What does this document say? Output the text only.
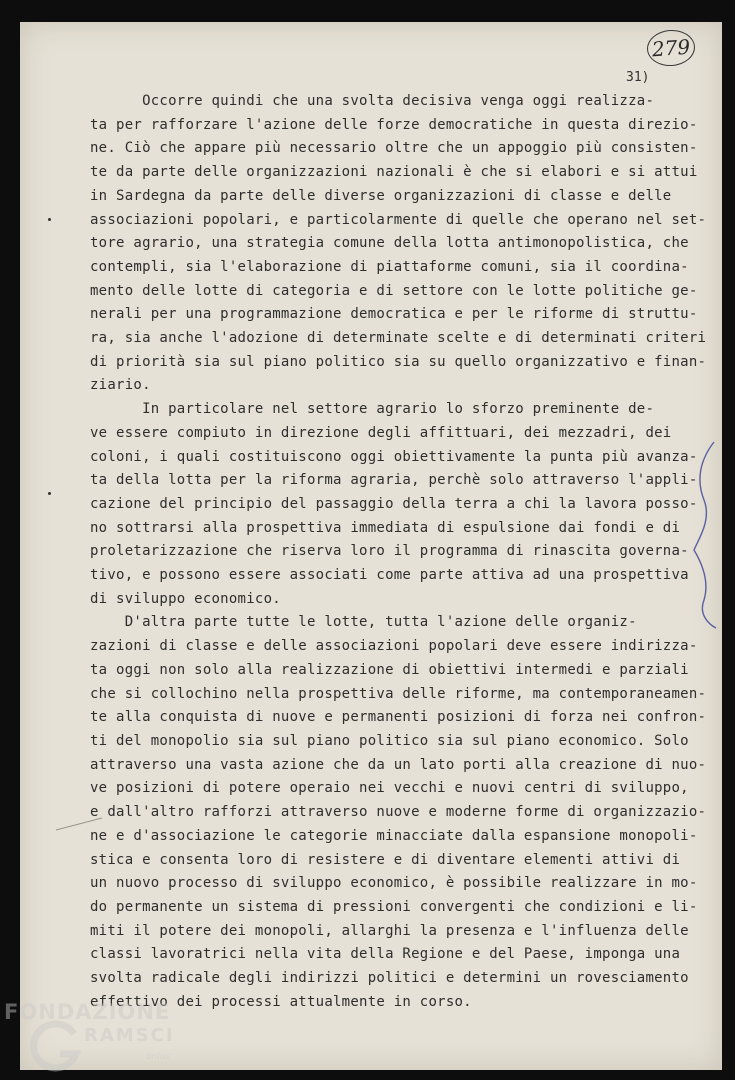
279
31)

Occorre quindi che una svolta decisiva venga oggi realizza-

ta per rafforzare l'azione delle forze democratiche in questa direzio-

ne. Ciò che appare più necessario oltre che un appoggio più consisten-

te da parte delle organizzazioni nazionali è che si elabori e si attui

in Sardegna da parte delle diverse organizzazioni di classe e delle

associazioni popolari, e particolarmente di quelle che operano nel set-

tore agrario, una strategia comune della lotta antimonopolistica, che

contempli, sia l'elaborazione di piattaforme comuni, sia il coordina-

mento delle lotte di categoria e di settore con le lotte politiche ge-

nerali per una programmazione democratica e per le riforme di struttu-

ra, sia anche l'adozione di determinate scelte e di determinati criteri

di priorità sia sul piano politico sia su quello organizzativo e finan-

ziario.

In particolare nel settore agrario lo sforzo preminente de-

ve essere compiuto in direzione degli affittuari, dei mezzadri, dei

coloni, i quali costituiscono oggi obiettivamente la punta più avanza-

ta della lotta per la riforma agraria, perchè solo attraverso l'appli-

cazione del principio del passaggio della terra a chi la lavora posso-

no sottrarsi alla prospettiva immediata di espulsione dai fondi e di

proletarizzazione che riserva loro il programma di rinascita governa-

tivo, e possono essere associati come parte attiva ad una prospettiva

di sviluppo economico.

D'altra parte tutte le lotte, tutta l'azione delle organiz-

zazioni di classe e delle associazioni popolari deve essere indirizza-

ta oggi non solo alla realizzazione di obiettivi intermedi e parziali

che si collochino nella prospettiva delle riforme, ma contemporaneamen-

te alla conquista di nuove e permanenti posizioni di forza nei confron-

ti del monopolio sia sul piano politico sia sul piano economico. Solo

attraverso una vasta azione che da un lato porti alla creazione di nuo-

ve posizioni di potere operaio nei vecchi e nuovi centri di sviluppo,

e dall'altro rafforzi attraverso nuove e moderne forme di organizzazio-

ne e d'associazione le categorie minacciate dalla espansione monopoli-

stica e consenta loro di resistere e di diventare elementi attivi di

un nuovo processo di sviluppo economico, è possibile realizzare in mo-

do permanente un sistema di pressioni convergenti che condizioni e li-

miti il potere dei monopoli, allarghi la presenza e l'influenza delle

classi lavoratrici nella vita della Regione e del Paese, imponga una

svolta radicale degli indirizzi politici e determini un rovesciamento

effettivo dei processi attualmente in corso.

FONDAZIONE
RAMSCI
onlus
